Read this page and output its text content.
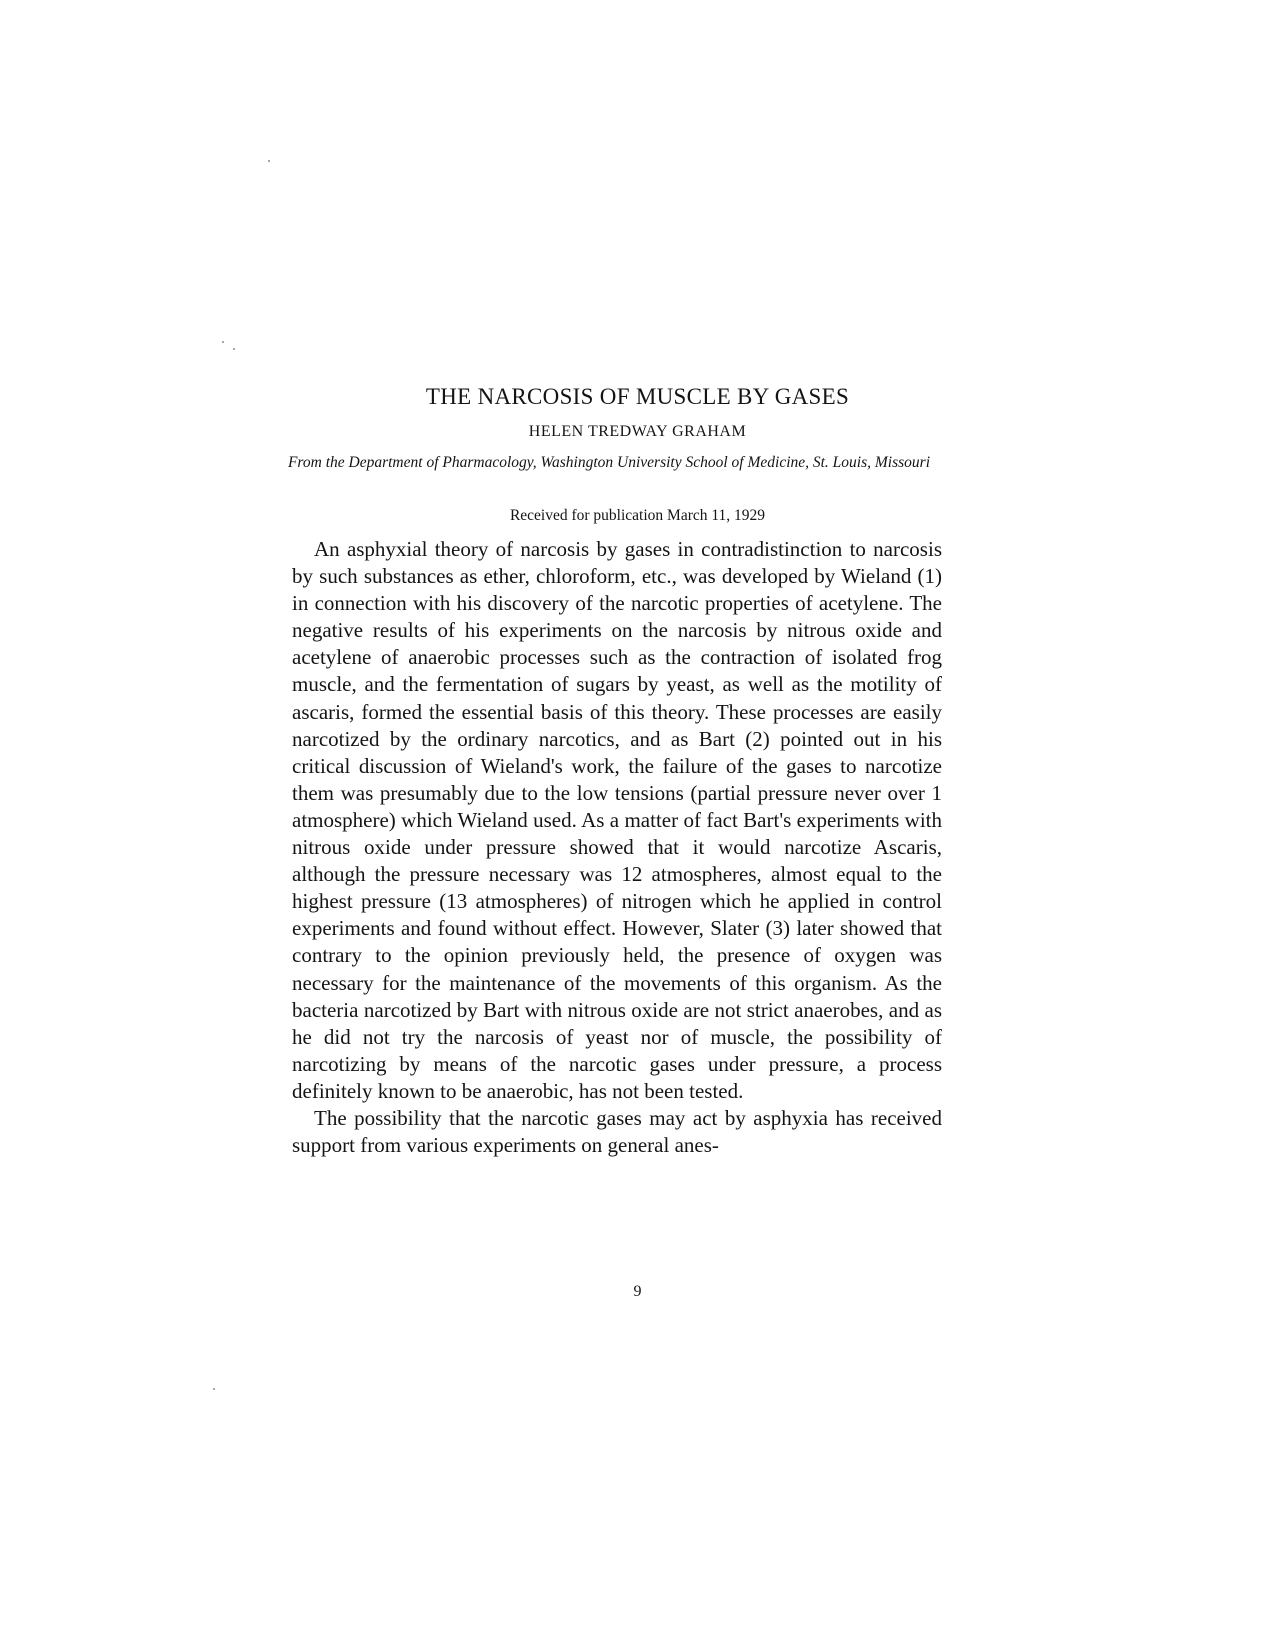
THE NARCOSIS OF MUSCLE BY GASES
HELEN TREDWAY GRAHAM
From the Department of Pharmacology, Washington University School of Medicine, St. Louis, Missouri
Received for publication March 11, 1929

An asphyxial theory of narcosis by gases in contradistinction to narcosis by such substances as ether, chloroform, etc., was developed by Wieland (1) in connection with his discovery of the narcotic properties of acetylene. The negative results of his experiments on the narcosis by nitrous oxide and acetylene of anaerobic processes such as the contraction of isolated frog muscle, and the fermentation of sugars by yeast, as well as the motility of ascaris, formed the essential basis of this theory. These processes are easily narcotized by the ordinary narcotics, and as Bart (2) pointed out in his critical discussion of Wieland's work, the failure of the gases to narcotize them was presumably due to the low tensions (partial pressure never over 1 atmosphere) which Wieland used. As a matter of fact Bart's experiments with nitrous oxide under pressure showed that it would narcotize Ascaris, although the pressure necessary was 12 atmospheres, almost equal to the highest pressure (13 atmospheres) of nitrogen which he applied in control experiments and found without effect. However, Slater (3) later showed that contrary to the opinion previously held, the presence of oxygen was necessary for the maintenance of the movements of this organism. As the bacteria narcotized by Bart with nitrous oxide are not strict anaerobes, and as he did not try the narcosis of yeast nor of muscle, the possibility of narcotizing by means of the narcotic gases under pressure, a process definitely known to be anaerobic, has not been tested.

The possibility that the narcotic gases may act by asphyxia has received support from various experiments on general anes-

9
